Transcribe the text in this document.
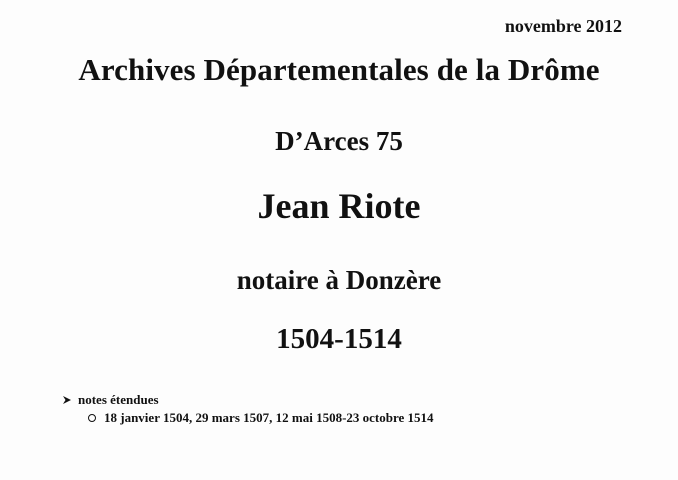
novembre 2012
Archives Départementales de la Drôme
D’Arces 75
Jean Riote
notaire à Donzère
1504-1514
notes étendues
18 janvier 1504, 29 mars 1507, 12 mai 1508-23 octobre 1514
